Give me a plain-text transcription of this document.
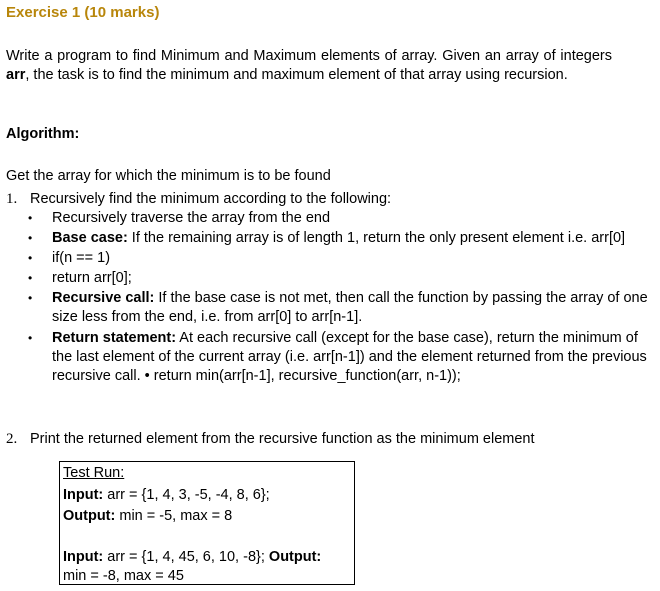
Exercise 1 (10 marks)
Write a program to find Minimum and Maximum elements of array. Given an array of integers arr, the task is to find the minimum and maximum element of that array using recursion.
Algorithm:
Get the array for which the minimum is to be found
1. Recursively find the minimum according to the following:
• Recursively traverse the array from the end
• Base case: If the remaining array is of length 1, return the only present element i.e. arr[0]
• if(n == 1)
• return arr[0];
• Recursive call: If the base case is not met, then call the function by passing the array of one size less from the end, i.e. from arr[0] to arr[n-1].
• Return statement: At each recursive call (except for the base case), return the minimum of the last element of the current array (i.e. arr[n-1]) and the element returned from the previous recursive call. • return min(arr[n-1], recursive_function(arr, n-1));
2. Print the returned element from the recursive function as the minimum element
Test Run:
Input: arr = {1, 4, 3, -5, -4, 8, 6};
Output: min = -5, max = 8
Input: arr = {1, 4, 45, 6, 10, -8}; Output:
min = -8, max = 45
